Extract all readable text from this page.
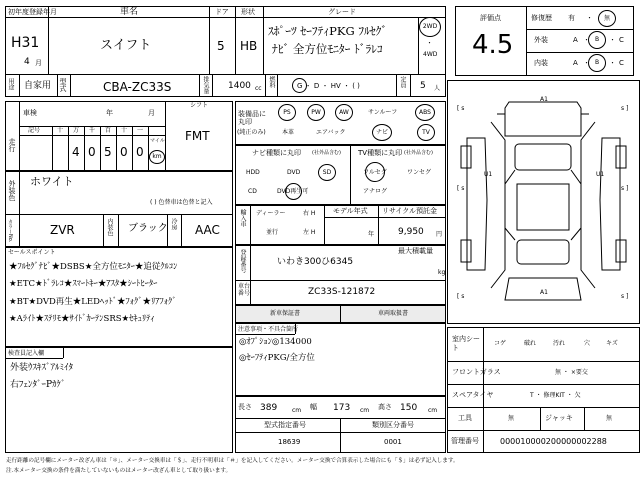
初年度登録年月	車名	ドア 形状	グレード
H31
4 月
スイフト	5 HB
ｽﾎﾟｰﾂ ｾｰﾌﾃｨPKG ﾌﾙｾｸﾞ
ﾅﾋﾞ 全方位ﾓﾆﾀｰ ﾄﾞﾗﾚｺ
2WD
・
4WD
用途 自家用 型式	CBA-ZC33S	排気量 1400 cc
燃料	G ・ D ・ HV ・ ( )	定員 5 人
評価点
4.5
修復歴 有 ・ 無
外装	A ・ B ・ C
内装	A ・ B ・ C
[ s
[ s
[ s
s ]
s ]
s ]
A1
U1	U1
A1
車検	年	月
シフト
FMT
走行
記号	十 万 千 百 十 一
4 0 5 0 0
マイル
km
外装色 ホワイト
( ) 色替車は色替と記入
カラーNo.	ZVR	内装色 ブラック 冷房 AAC
装備品に丸印
(純正のみ)
PS	PW	AW	サンルーフ	ABS
本革	エアバック	ナビ	TV
ナビ種類に丸印 (社外品含む)
HDD	DVD	SD
CD	DVD再生可
TV種類に丸印 (社外品含む)
フルセグ	ワンセグ
アナログ
輸入車 ディーラー	右 H
並行	左 H
モデル年式
年
リサイクル預託金
9,950 円
登録番号	最大積載量
いわき300ひ6345
kg
車台番号	ZC33S-121872
新車保証書	車両取扱書
セールスポイント
★ﾌﾙｾｸﾞﾅﾋﾞ★DSBS★全方位ﾓﾆﾀｰ★追従ｸﾙｺﾝ
★ETC★ﾄﾞﾗﾚｺ★ｽﾏｰﾄｷｰ★ｱｽﾀ★ｼｰﾄﾋｰﾀｰ
★BT★DVD再生★LEDﾍｯﾄﾞ★ﾌｫｸﾞ★ﾘｱﾌｫｸﾞ
★Aﾗｲﾄ★ｽﾃﾘﾓ★ｻｲﾄﾞｶｰﾃﾝSRS★ｾｷｭﾘﾃｨ
注意事項・不具合箇所
◎ｵﾌﾟｼｮﾝ◎134000
◎ｾｰﾌﾃｨPKG/全方位
検査員記入欄
外装ｳｽｷｽﾞｱﾙﾐｲﾀ
右ﾌｪﾝﾀﾞｰPｶｹﾞ
長さ 389 cm 幅 173 cm 高さ 150 cm
型式指定番号
18639
類別区分番号
0001
室内シート
コゲ	破れ	汚れ	穴	キズ
フロントガラス	無 ・ ×要交
スペアタイヤ	T ・ 修理KIT ・ 欠
工具	無	ジャッキ	無
管理番号	000010000200000002288
走行距離の記号欄にメーター改ざん車は「＊」、メーター交換車は「＄」、走行不明車は「＃」を記入してください。メーター交換で合算表示した場合にも「＄」は必ず記入します。
注.本メーター交換の条件を満たしていないものはメーター改ざん車として取り扱います。
